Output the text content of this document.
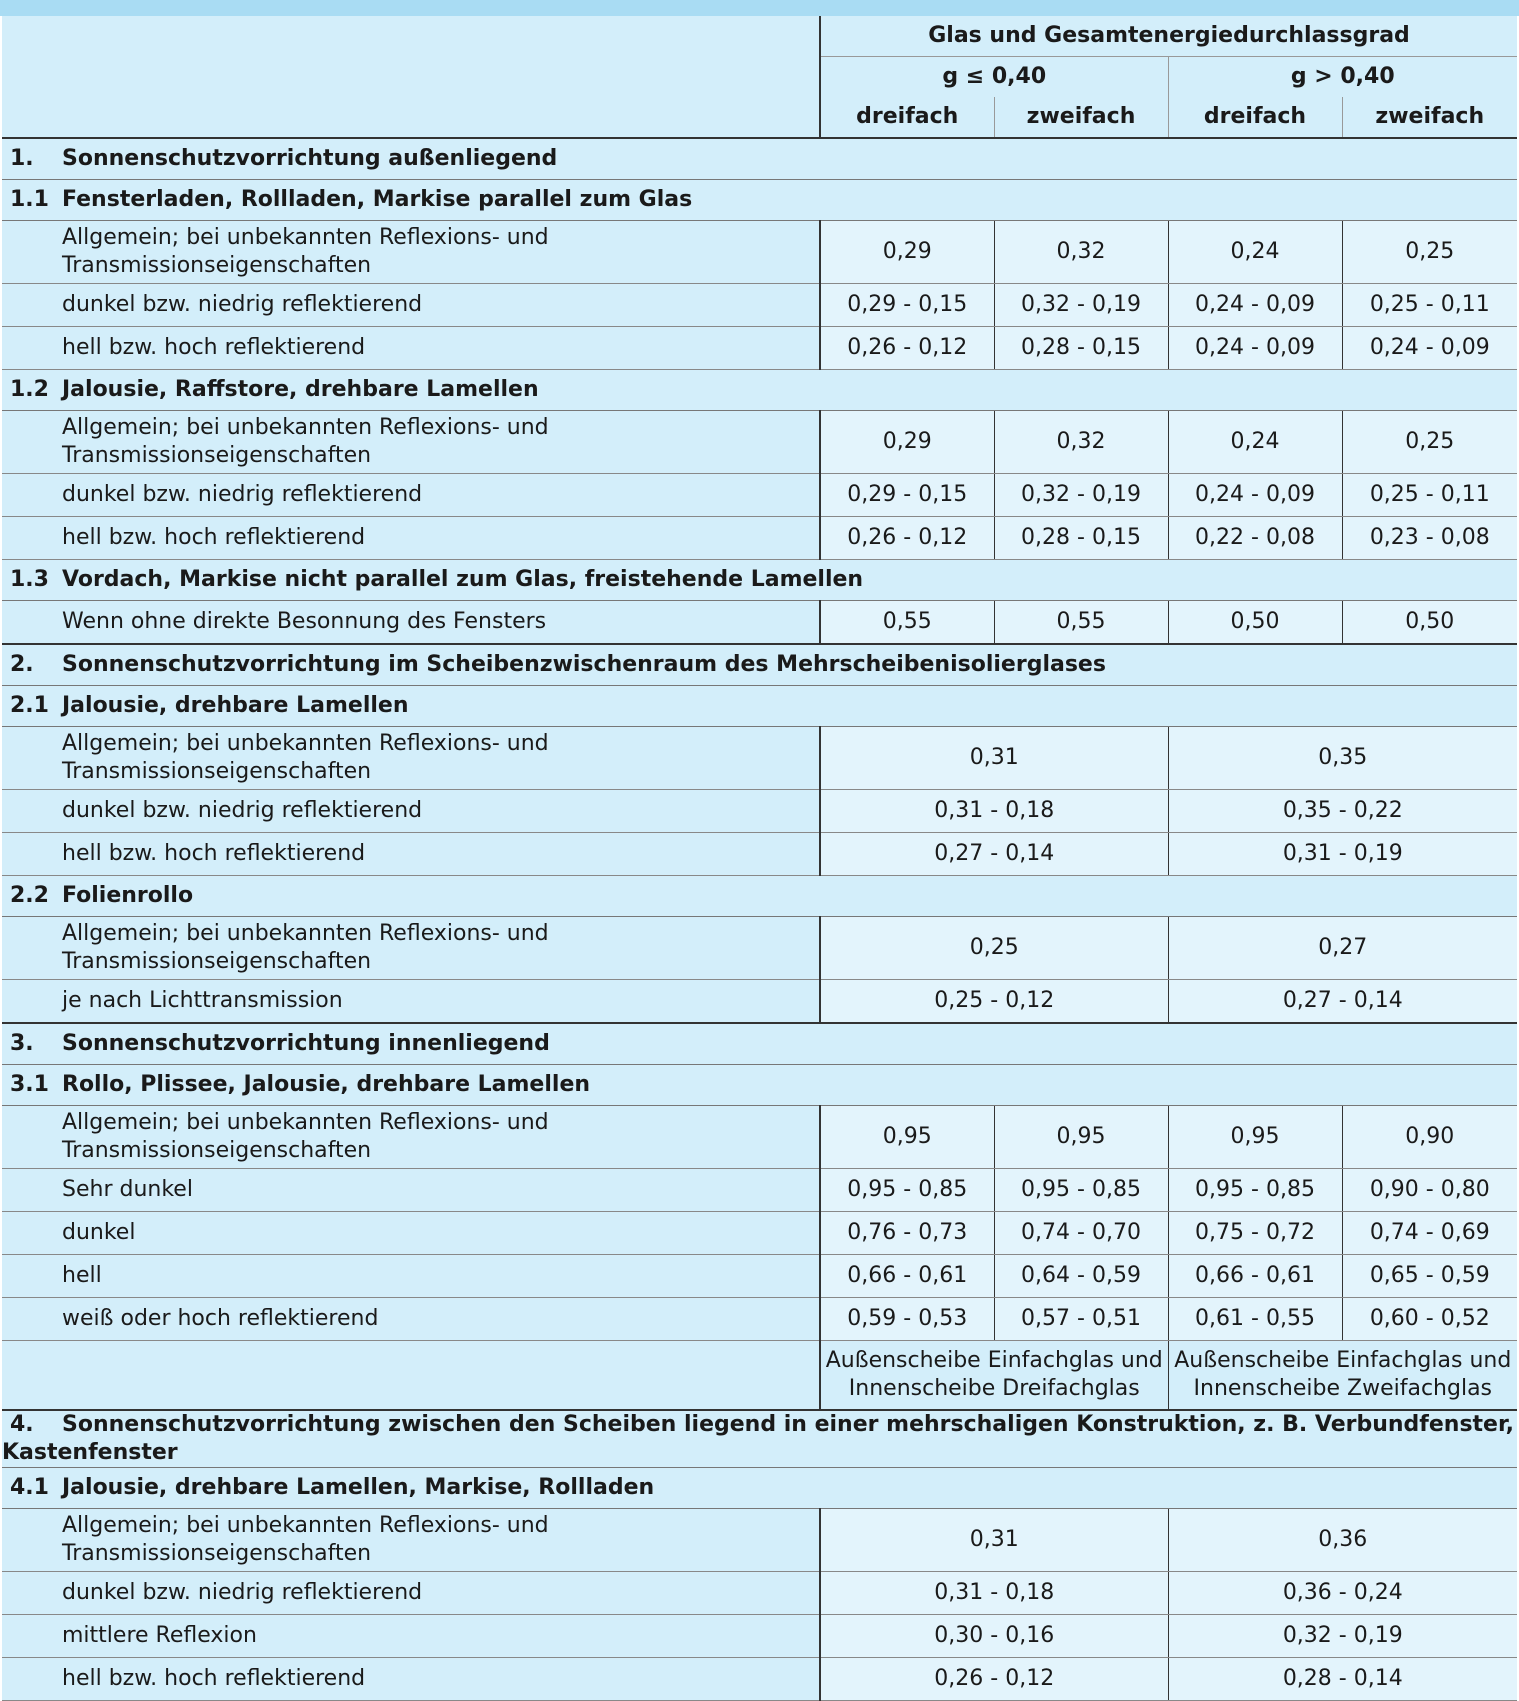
	Glas und Gesamtenergiedurchlassgrad			
	g ≤ 0,40		g > 0,40	
	dreifach	zweifach	dreifach	zweifach
1. Sonnenschutzvorrichtung außenliegend				
1.1 Fensterladen, Rollladen, Markise parallel zum Glas				
Allgemein; bei unbekannten Reflexions- und Transmissionseigenschaften	0,29	0,32	0,24	0,25
dunkel bzw. niedrig reflektierend	0,29 - 0,15	0,32 - 0,19	0,24 - 0,09	0,25 - 0,11
hell bzw. hoch reflektierend	0,26 - 0,12	0,28 - 0,15	0,24 - 0,09	0,24 - 0,09
1.2 Jalousie, Raffstore, drehbare Lamellen				
Allgemein; bei unbekannten Reflexions- und Transmissionseigenschaften	0,29	0,32	0,24	0,25
dunkel bzw. niedrig reflektierend	0,29 - 0,15	0,32 - 0,19	0,24 - 0,09	0,25 - 0,11
hell bzw. hoch reflektierend	0,26 - 0,12	0,28 - 0,15	0,22 - 0,08	0,23 - 0,08
1.3 Vordach, Markise nicht parallel zum Glas, freistehende Lamellen				
Wenn ohne direkte Besonnung des Fensters	0,55	0,55	0,50	0,50
2. Sonnenschutzvorrichtung im Scheibenzwischenraum des Mehrscheibenisolierglases				
2.1 Jalousie, drehbare Lamellen				
Allgemein; bei unbekannten Reflexions- und Transmissionseigenschaften	0,31		0,35	
dunkel bzw. niedrig reflektierend	0,31 - 0,18		0,35 - 0,22	
hell bzw. hoch reflektierend	0,27 - 0,14		0,31 - 0,19	
2.2 Folienrollo				
Allgemein; bei unbekannten Reflexions- und Transmissionseigenschaften	0,25		0,27	
je nach Lichttransmission	0,25 - 0,12		0,27 - 0,14	
3. Sonnenschutzvorrichtung innenliegend				
3.1 Rollo, Plissee, Jalousie, drehbare Lamellen				
Allgemein; bei unbekannten Reflexions- und Transmissionseigenschaften	0,95	0,95	0,95	0,90
Sehr dunkel	0,95 - 0,85	0,95 - 0,85	0,95 - 0,85	0,90 - 0,80
dunkel	0,76 - 0,73	0,74 - 0,70	0,75 - 0,72	0,74 - 0,69
hell	0,66 - 0,61	0,64 - 0,59	0,66 - 0,61	0,65 - 0,59
weiß oder hoch reflektierend	0,59 - 0,53	0,57 - 0,51	0,61 - 0,55	0,60 - 0,52
	Außenscheibe Einfachglas und Innenscheibe Dreifachglas		Außenscheibe Einfachglas und Innenscheibe Zweifachglas	
4. Sonnenschutzvorrichtung zwischen den Scheiben liegend in einer mehrschaligen Konstruktion, z. B. Verbundfenster, Kastenfenster				
4.1 Jalousie, drehbare Lamellen, Markise, Rollladen				
Allgemein; bei unbekannten Reflexions- und Transmissionseigenschaften	0,31		0,36	
dunkel bzw. niedrig reflektierend	0,31 - 0,18		0,36 - 0,24	
mittlere Reflexion	0,30 - 0,16		0,32 - 0,19	
hell bzw. hoch reflektierend	0,26 - 0,12		0,28 - 0,14	
